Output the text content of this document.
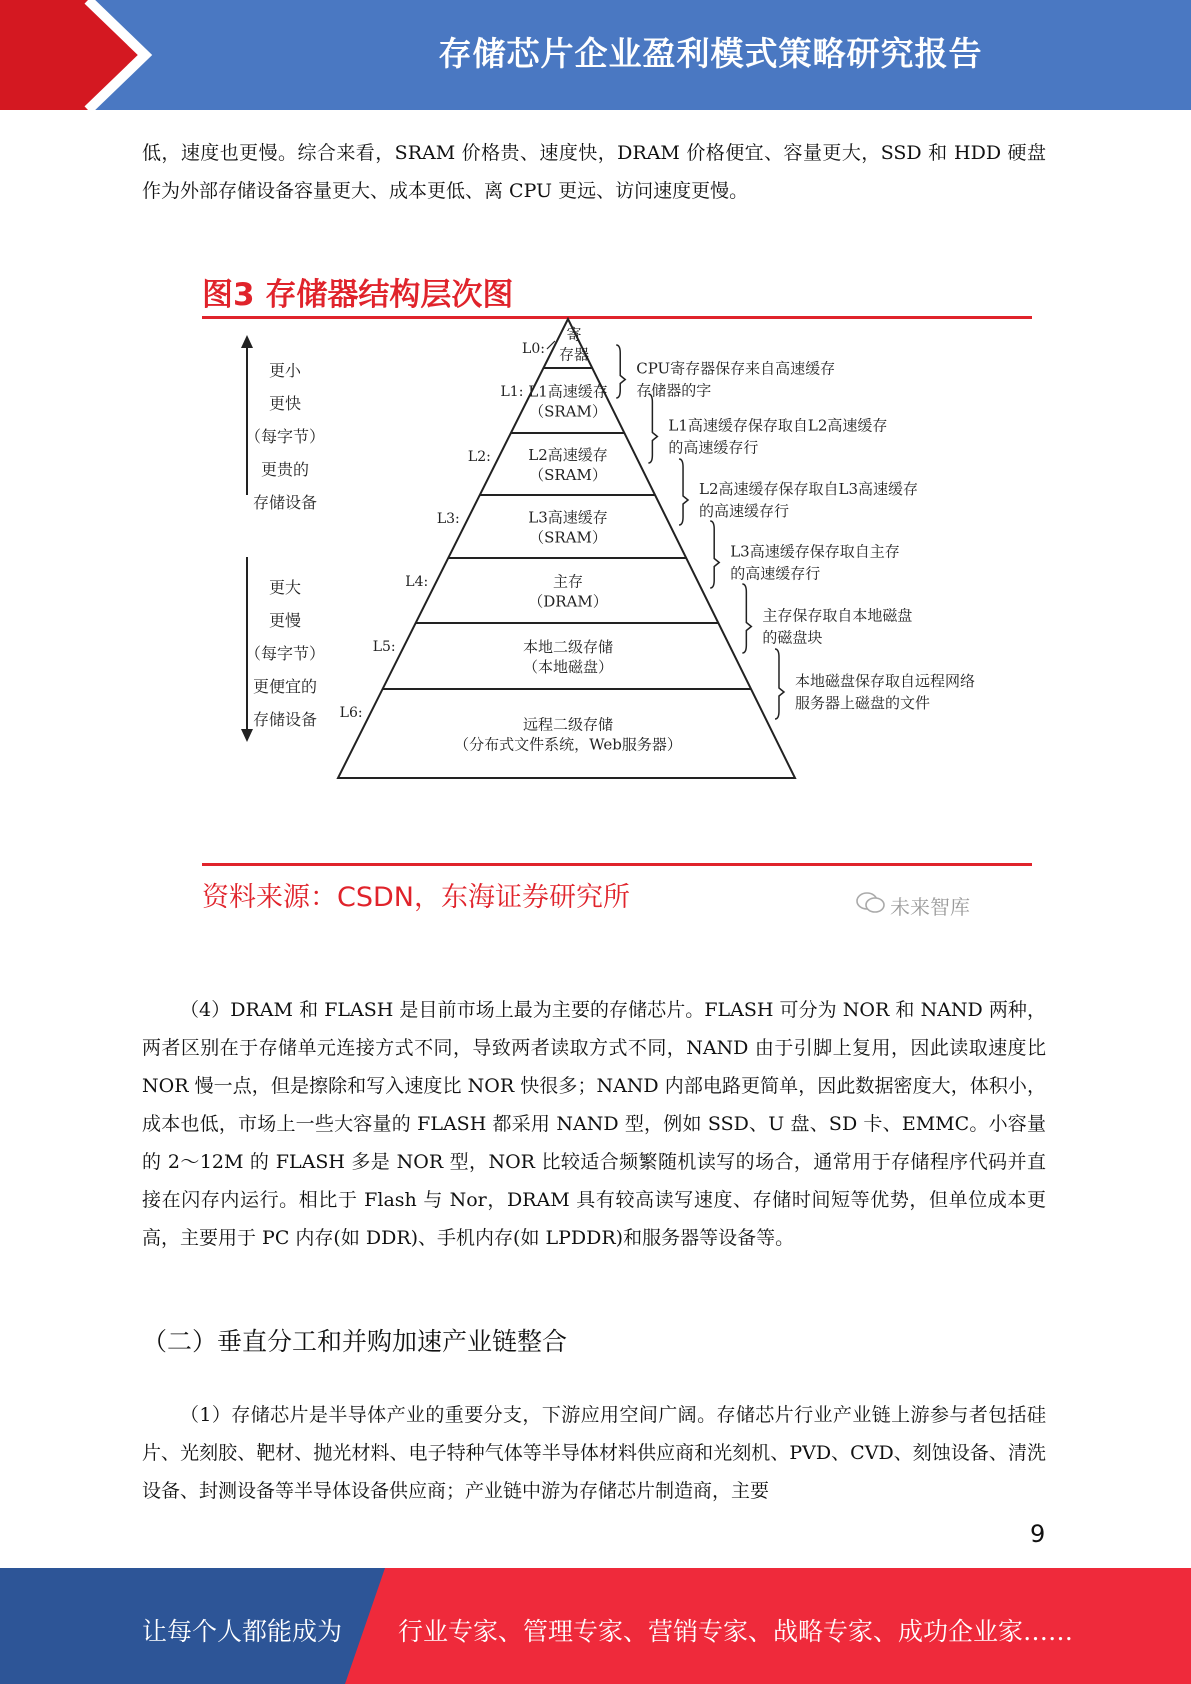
存储芯片企业盈利模式策略研究报告

低，速度也更慢。综合来看，SRAM 价格贵、速度快，DRAM 价格便宜、容量更大，SSD 和 HDD 硬盘作为外部存储设备容量更大、成本更低、离 CPU 更远、访问速度更慢。

图3 存储器结构层次图
更小
更快
（每字节）
更贵的
存储设备
更大
更慢
（每字节）
更便宜的
存储设备
寄
存器
L1高速缓存
（SRAM）
L2高速缓存
（SRAM）
L3高速缓存
（SRAM）
主存
（DRAM）
本地二级存储
（本地磁盘）
远程二级存储
（分布式文件系统，Web服务器）
L0:
L1:
L2:
L3:
L4:
L5:
L6:
CPU寄存器保存来自高速缓存
存储器的字
L1高速缓存保存取自L2高速缓存
的高速缓存行
L2高速缓存保存取自L3高速缓存
的高速缓存行
L3高速缓存保存取自主存
的高速缓存行
主存保存取自本地磁盘
的磁盘块
本地磁盘保存取自远程网络
服务器上磁盘的文件
资料来源：CSDN，东海证券研究所	未来智库

（4）DRAM 和 FLASH 是目前市场上最为主要的存储芯片。FLASH 可分为 NOR 和 NAND 两种，两者区别在于存储单元连接方式不同，导致两者读取方式不同，NAND 由于引脚上复用，因此读取速度比 NOR 慢一点，但是擦除和写入速度比 NOR 快很多；NAND 内部电路更简单，因此数据密度大，体积小，成本也低，市场上一些大容量的 FLASH 都采用 NAND 型，例如 SSD、U 盘、SD 卡、EMMC。小容量的 2～12M 的 FLASH 多是 NOR 型，NOR 比较适合频繁随机读写的场合，通常用于存储程序代码并直接在闪存内运行。相比于 Flash 与 Nor，DRAM 具有较高读写速度、存储时间短等优势，但单位成本更高，主要用于 PC 内存(如 DDR)、手机内存(如 LPDDR)和服务器等设备等。

（二）垂直分工和并购加速产业链整合

（1）存储芯片是半导体产业的重要分支，下游应用空间广阔。存储芯片行业产业链上游参与者包括硅片、光刻胶、靶材、抛光材料、电子特种气体等半导体材料供应商和光刻机、PVD、CVD、刻蚀设备、清洗设备、封测设备等半导体设备供应商；产业链中游为存储芯片制造商，主要

9
让每个人都能成为 行业专家、管理专家、营销专家、战略专家、成功企业家……
